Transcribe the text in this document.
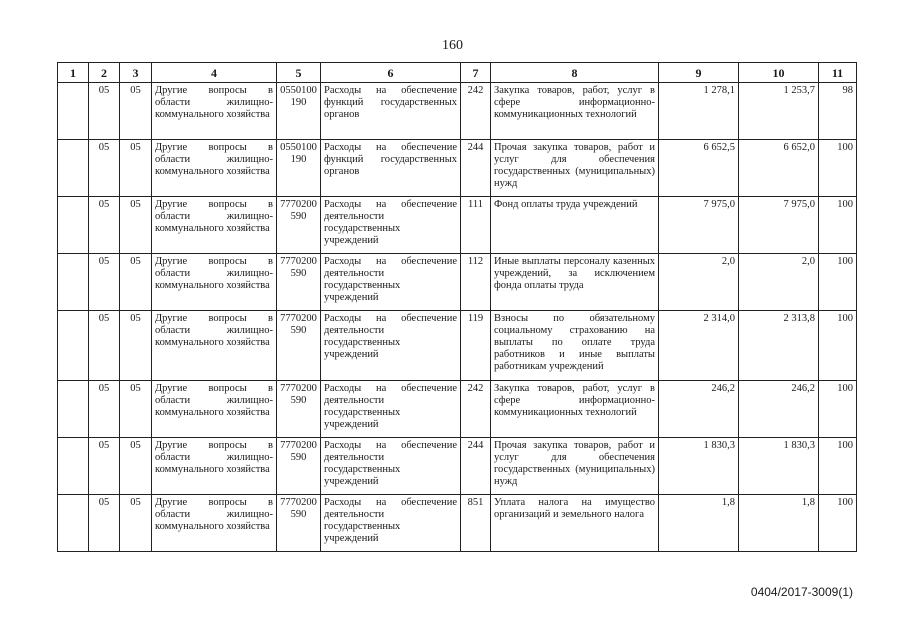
160
1	2	3	4	5	6	7	8	9	10	11
	05	05	Другие вопросы в области жилищно-коммунального хозяйства	0550100190	Расходы на обеспечение функций государственных органов	242	Закупка товаров, работ, услуг в сфере информационно-коммуникационных технологий	1 278,1	1 253,7	98
	05	05	Другие вопросы в области жилищно-коммунального хозяйства	0550100190	Расходы на обеспечение функций государственных органов	244	Прочая закупка товаров, работ и услуг для обеспечения государственных (муниципальных) нужд	6 652,5	6 652,0	100
	05	05	Другие вопросы в области жилищно-коммунального хозяйства	7770200590	Расходы на обеспечение деятельности государственных учреждений	111	Фонд оплаты труда учреждений	7 975,0	7 975,0	100
	05	05	Другие вопросы в области жилищно-коммунального хозяйства	7770200590	Расходы на обеспечение деятельности государственных учреждений	112	Иные выплаты персоналу казенных учреждений, за исключением фонда оплаты труда	2,0	2,0	100
	05	05	Другие вопросы в области жилищно-коммунального хозяйства	7770200590	Расходы на обеспечение деятельности государственных учреждений	119	Взносы по обязательному социальному страхованию на выплаты по оплате труда работников и иные выплаты работникам учреждений	2 314,0	2 313,8	100
	05	05	Другие вопросы в области жилищно-коммунального хозяйства	7770200590	Расходы на обеспечение деятельности государственных учреждений	242	Закупка товаров, работ, услуг в сфере информационно-коммуникационных технологий	246,2	246,2	100
	05	05	Другие вопросы в области жилищно-коммунального хозяйства	7770200590	Расходы на обеспечение деятельности государственных учреждений	244	Прочая закупка товаров, работ и услуг для обеспечения государственных (муниципальных) нужд	1 830,3	1 830,3	100
	05	05	Другие вопросы в области жилищно-коммунального хозяйства	7770200590	Расходы на обеспечение деятельности государственных учреждений	851	Уплата налога на имущество организаций и земельного налога	1,8	1,8	100
0404/2017-3009(1)
